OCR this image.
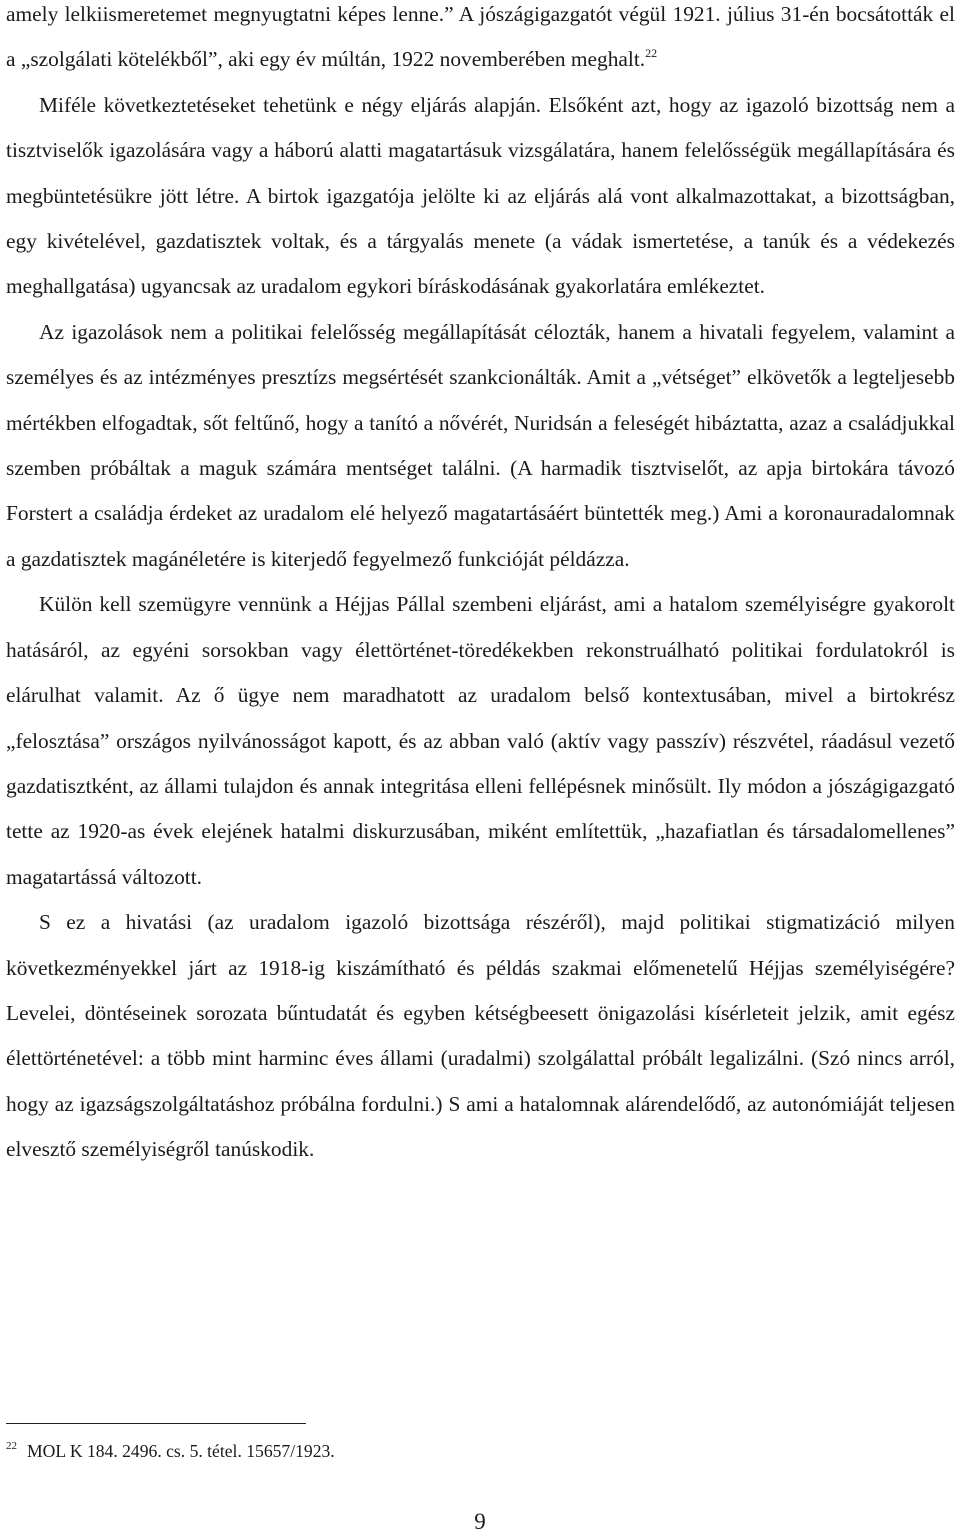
amely lelkiismeretemet megnyugtatni képes lenne.” A jószágigazgatót végül 1921. július 31-én bocsátották el a „szolgálati kötelékből”, aki egy év múltán, 1922 novemberében meghalt.$^{22}$

Miféle következtetéseket tehetünk e négy eljárás alapján. Elsőként azt, hogy az igazoló bizottság nem a tisztviselők igazolására vagy a háború alatti magatartásuk vizsgálatára, hanem felelősségük megállapítására és megbüntetésükre jött létre. A birtok igazgatója jelölte ki az eljárás alá vont alkalmazottakat, a bizottságban, egy kivételével, gazdatisztek voltak, és a tárgyalás menete (a vádak ismertetése, a tanúk és a védekezés meghallgatása) ugyancsak az uradalom egykori bíráskodásának gyakorlatára emlékeztet.

Az igazolások nem a politikai felelősség megállapítását célozták, hanem a hivatali fegyelem, valamint a személyes és az intézményes presztízs megsértését szankcionálták. Amit a „vétséget” elkövetők a legteljesebb mértékben elfogadtak, sőt feltűnő, hogy a tanító a nővérét, Nuridsán a feleségét hibáztatta, azaz a családjukkal szemben próbáltak a maguk számára mentséget találni. (A harmadik tisztviselőt, az apja birtokára távozó Forstert a családja érdeket az uradalom elé helyező magatartásáért büntették meg.) Ami a koronauradalomnak a gazdatisztek magánéletére is kiterjedő fegyelmező funkcióját példázza.

Külön kell szemügyre vennünk a Héjjas Pállal szembeni eljárást, ami a hatalom személyiségre gyakorolt hatásáról, az egyéni sorsokban vagy élettörténet-töredékekben rekonstruálható politikai fordulatokról is elárulhat valamit. Az ő ügye nem maradhatott az uradalom belső kontextusában, mivel a birtokrész „felosztása” országos nyilvánosságot kapott, és az abban való (aktív vagy passzív) részvétel, ráadásul vezető gazdatisztként, az állami tulajdon és annak integritása elleni fellépésnek minősült. Ily módon a jószágigazgató tette az 1920-as évek elejének hatalmi diskurzusában, miként említettük, „hazafiatlan és társadalomellenes” magatartássá változott.

S ez a hivatási (az uradalom igazoló bizottsága részéről), majd politikai stigmatizáció milyen következményekkel járt az 1918-ig kiszámítható és példás szakmai előmenetelű Héjjas személyiségére? Levelei, döntéseinek sorozata bűntudatát és egyben kétségbeesett önigazolási kísérleteit jelzik, amit egész élettörténetével: a több mint harminc éves állami (uradalmi) szolgálattal próbált legalizálni. (Szó nincs arról, hogy az igazságszolgáltatáshoz próbálna fordulni.) S ami a hatalomnak alárendelődő, az autonómiáját teljesen elvesztő személyiségről tanúskodik.

$^{22}$ MOL K 184. 2496. cs. 5. tétel. 15657/1923.
9
